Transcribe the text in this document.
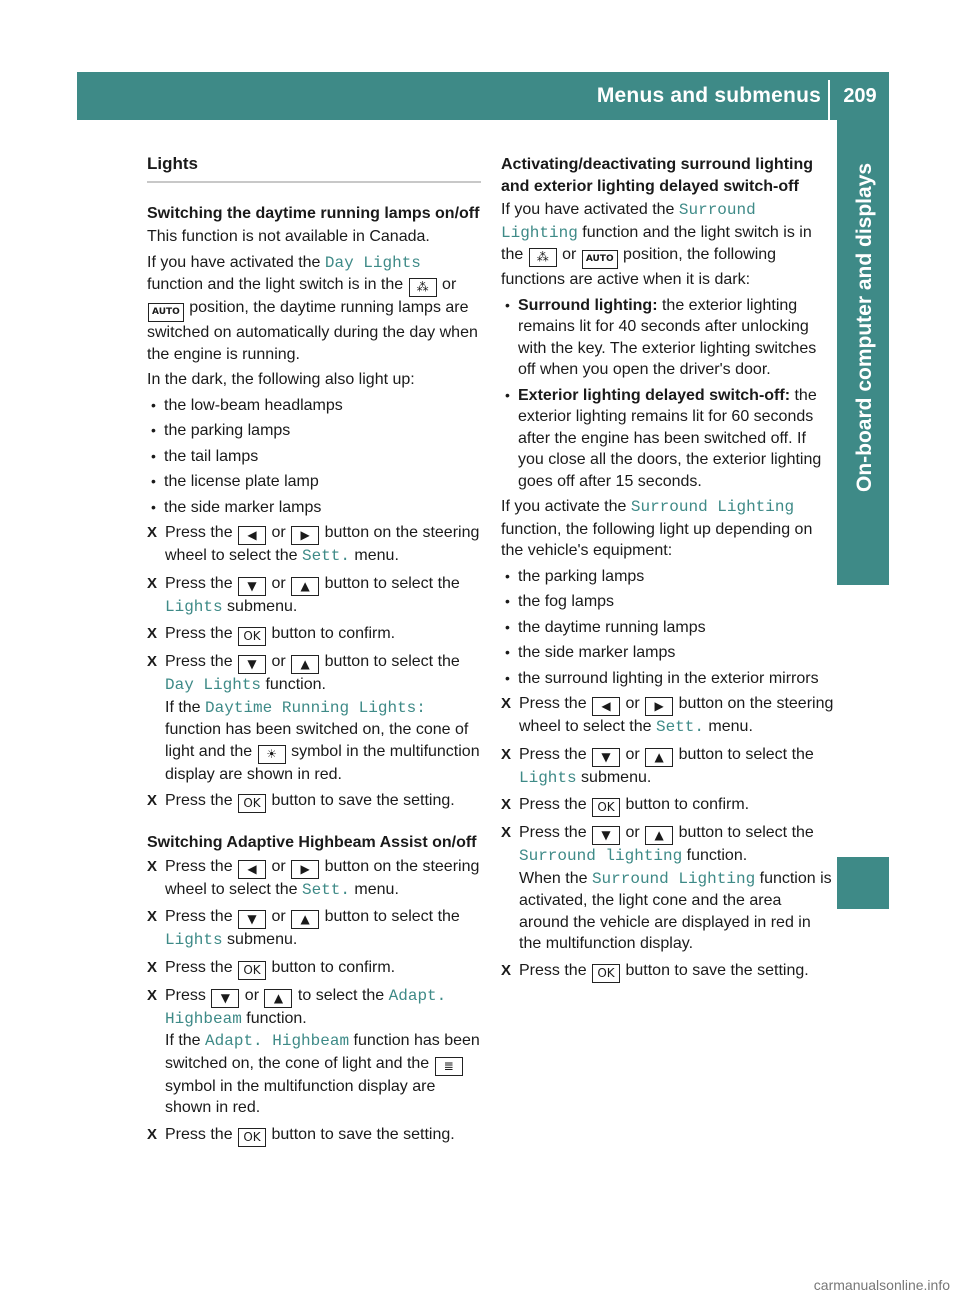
Menus and submenus	209
On-board computer and displays
Lights
Switching the daytime running lamps on/off

This function is not available in Canada.

If you have activated the Day Lights function and the light switch is in the ⁂ or AUTO position, the daytime running lamps are switched on automatically during the day when the engine is running.

In the dark, the following also light up:

• the low-beam headlamps
• the parking lamps
• the tail lamps
• the license plate lamp
• the side marker lamps
X Press the ◀ or ▶ button on the steering wheel to select the Sett. menu.
X Press the ▼ or ▲ button to select the Lights submenu.
X Press the OK button to confirm.
X Press the ▼ or ▲ button to select the Day Lights function.
If the Daytime Running Lights: function has been switched on, the cone of light and the ☀ symbol in the multifunction display are shown in red.
X Press the OK button to save the setting.
Switching Adaptive Highbeam Assist on/off
X Press the ◀ or ▶ button on the steering wheel to select the Sett. menu.
X Press the ▼ or ▲ button to select the Lights submenu.
X Press the OK button to confirm.
X Press ▼ or ▲ to select the Adapt. Highbeam function.
If the Adapt. Highbeam function has been switched on, the cone of light and the ≣ symbol in the multifunction display are shown in red.
X Press the OK button to save the setting.
Activating/deactivating surround lighting and exterior lighting delayed switch-off

If you have activated the Surround Lighting function and the light switch is in the ⁂ or AUTO position, the following functions are active when it is dark:

• Surround lighting: the exterior lighting remains lit for 40 seconds after unlocking with the key. The exterior lighting switches off when you open the driver's door.
• Exterior lighting delayed switch-off: the exterior lighting remains lit for 60 seconds after the engine has been switched off. If you close all the doors, the exterior lighting goes off after 15 seconds.

If you activate the Surround Lighting function, the following light up depending on the vehicle's equipment:

• the parking lamps
• the fog lamps
• the daytime running lamps
• the side marker lamps
• the surround lighting in the exterior mirrors
X Press the ◀ or ▶ button on the steering wheel to select the Sett. menu.
X Press the ▼ or ▲ button to select the Lights submenu.
X Press the OK button to confirm.
X Press the ▼ or ▲ button to select the Surround lighting function.
When the Surround Lighting function is activated, the light cone and the area around the vehicle are displayed in red in the multifunction display.
X Press the OK button to save the setting.
carmanualsonline.info
